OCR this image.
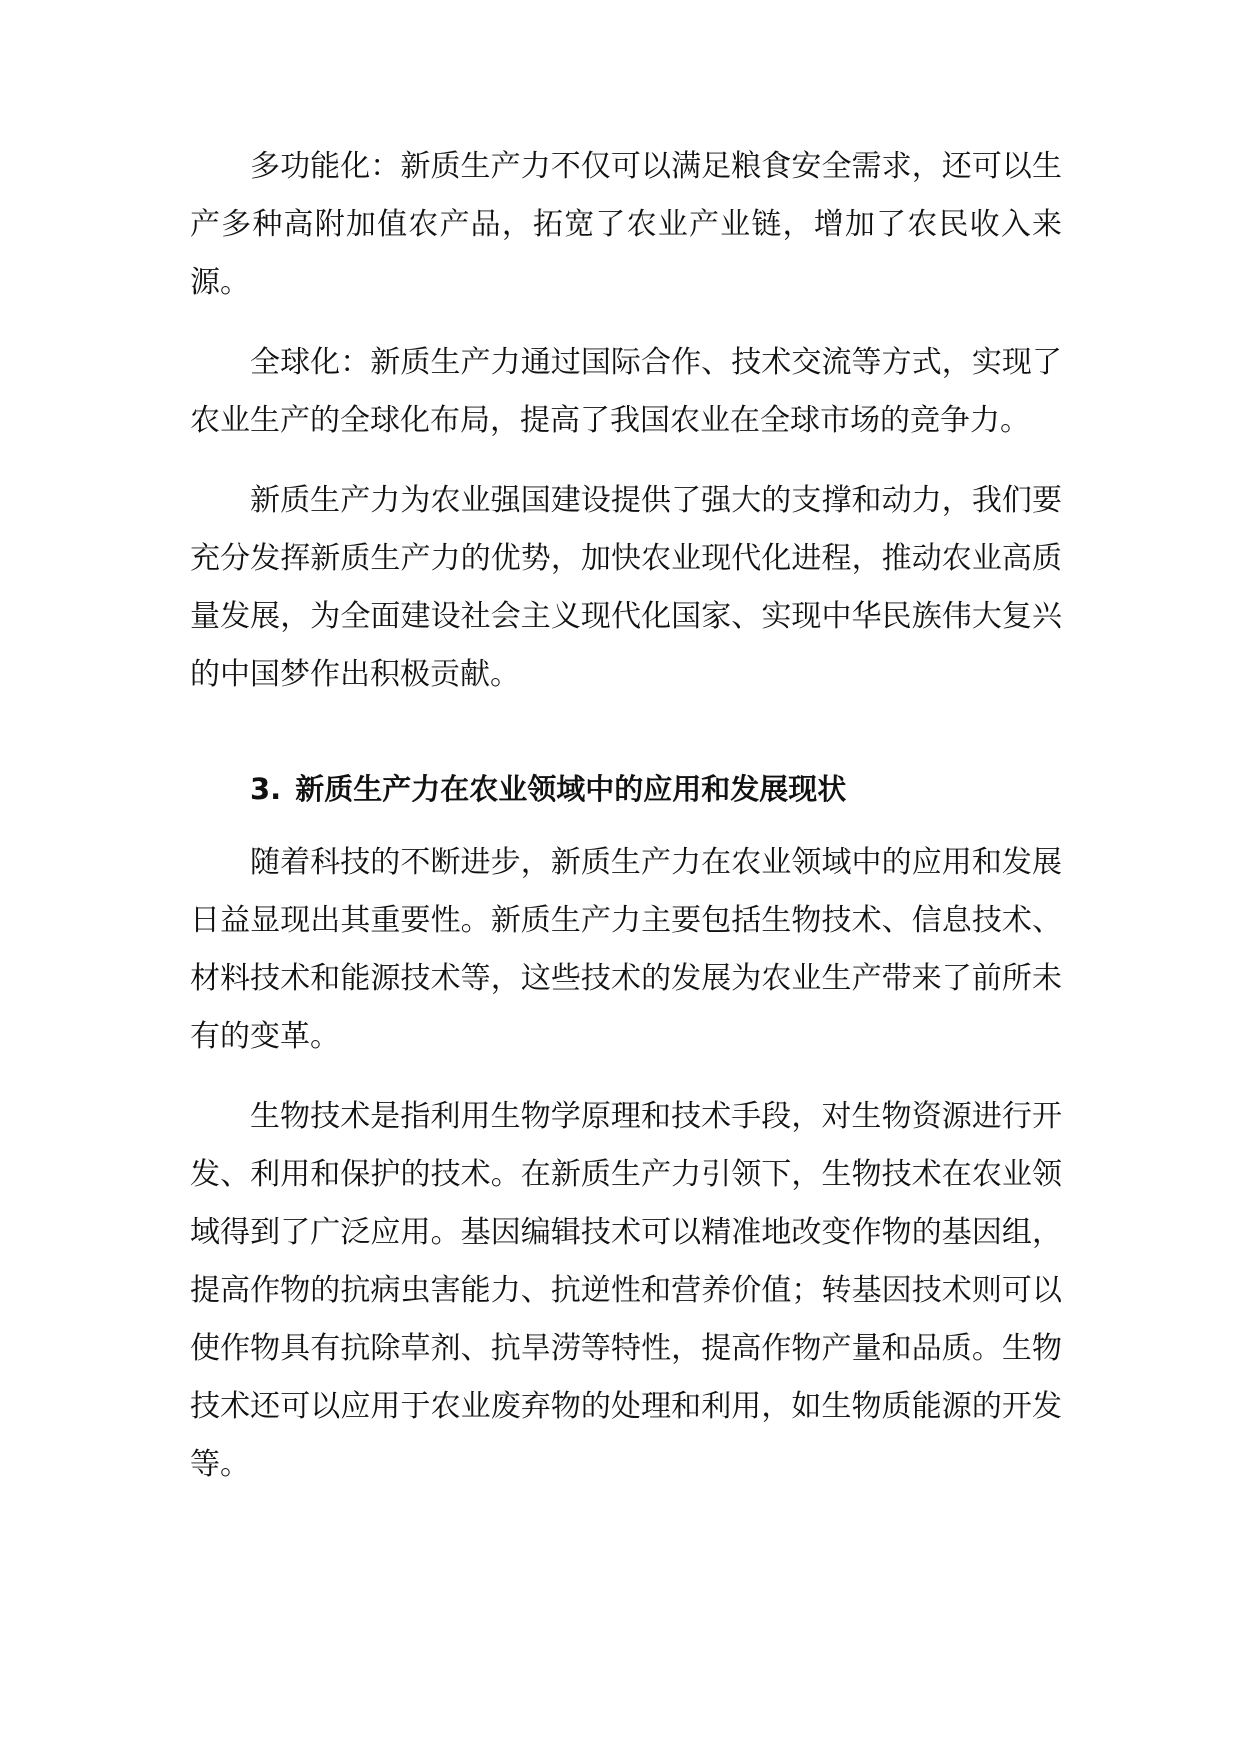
多功能化：新质生产力不仅可以满足粮食安全需求，还可以生产多种高附加值农产品，拓宽了农业产业链，增加了农民收入来源。

全球化：新质生产力通过国际合作、技术交流等方式，实现了农业生产的全球化布局，提高了我国农业在全球市场的竞争力。

新质生产力为农业强国建设提供了强大的支撑和动力，我们要充分发挥新质生产力的优势，加快农业现代化进程，推动农业高质量发展，为全面建设社会主义现代化国家、实现中华民族伟大复兴的中国梦作出积极贡献。

3. 新质生产力在农业领域中的应用和发展现状

随着科技的不断进步，新质生产力在农业领域中的应用和发展日益显现出其重要性。新质生产力主要包括生物技术、信息技术、材料技术和能源技术等，这些技术的发展为农业生产带来了前所未有的变革。

生物技术是指利用生物学原理和技术手段，对生物资源进行开发、利用和保护的技术。在新质生产力引领下，生物技术在农业领域得到了广泛应用。基因编辑技术可以精准地改变作物的基因组，提高作物的抗病虫害能力、抗逆性和营养价值；转基因技术则可以使作物具有抗除草剂、抗旱涝等特性，提高作物产量和品质。生物技术还可以应用于农业废弃物的处理和利用，如生物质能源的开发等。
